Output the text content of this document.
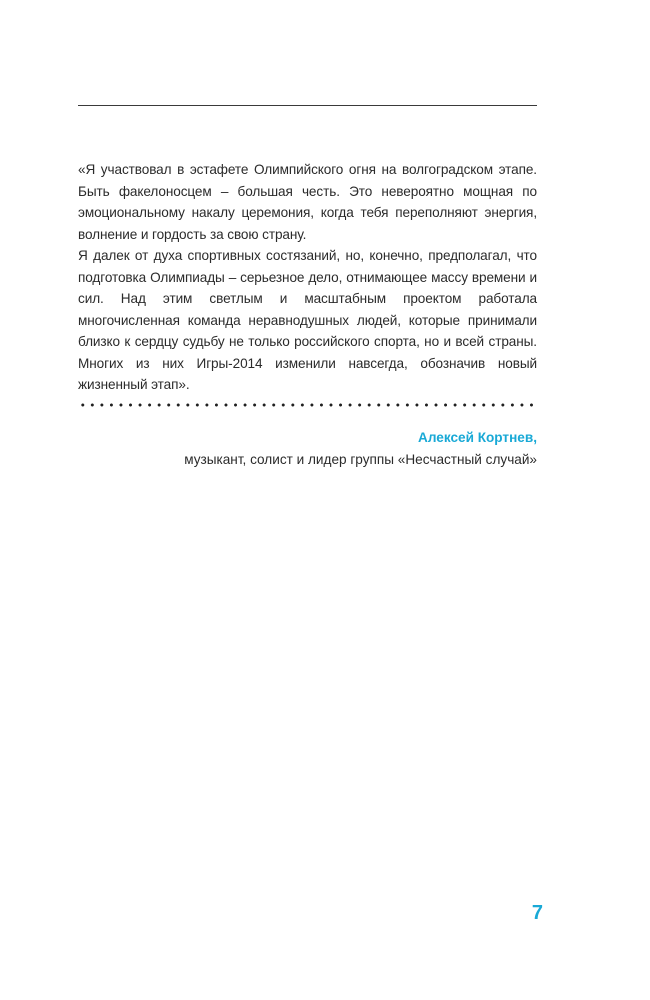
«Я участвовал в эстафете Олимпийского огня на волгоградском этапе. Быть факелоносцем – большая честь. Это невероятно мощная по эмоциональному накалу церемония, когда тебя переполняют энергия, волнение и гордость за свою страну.

Я далек от духа спортивных состязаний, но, конечно, предполагал, что подготовка Олимпиады – серьезное дело, отнимающее массу времени и сил. Над этим светлым и масштабным проектом работала многочисленная команда неравнодушных людей, которые принимали близко к сердцу судьбу не только российского спорта, но и всей страны. Многих из них Игры-2014 изменили навсегда, обозначив новый жизненный этап».

Алексей Кортнев,
музыкант, солист и лидер группы «Несчастный случай»
7
